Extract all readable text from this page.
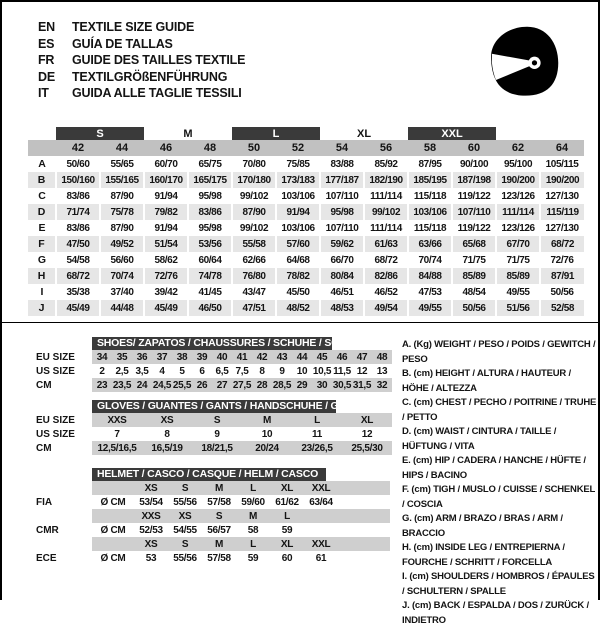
EN	TEXTILE SIZE GUIDE
ES	GUÍA DE TALLAS
FR	GUIDE DES TAILLES TEXTILE
DE	TEXTILGRÖßENFÜHRUNG
IT	GUIDA ALLE TAGLIE TESSILI
	S		M		L		XL		XXL			
	42	44	46	48	50	52	54	56	58	60	62	64
A	50/60	55/65	60/70	65/75	70/80	75/85	83/88	85/92	87/95	90/100	95/100	105/115
B	150/160	155/165	160/170	165/175	170/180	173/183	177/187	182/190	185/195	187/198	190/200	190/200
C	83/86	87/90	91/94	95/98	99/102	103/106	107/110	111/114	115/118	119/122	123/126	127/130
D	71/74	75/78	79/82	83/86	87/90	91/94	95/98	99/102	103/106	107/110	111/114	115/119
E	83/86	87/90	91/94	95/98	99/102	103/106	107/110	111/114	115/118	119/122	123/126	127/130
F	47/50	49/52	51/54	53/56	55/58	57/60	59/62	61/63	63/66	65/68	67/70	68/72
G	54/58	56/60	58/62	60/64	62/66	64/68	66/70	68/72	70/74	71/75	71/75	72/76
H	68/72	70/74	72/76	74/78	76/80	78/82	80/84	82/86	84/88	85/89	85/89	87/91
I	35/38	37/40	39/42	41/45	43/47	45/50	46/51	46/52	47/53	48/54	49/55	50/56
J	45/49	44/48	45/49	46/50	47/51	48/52	48/53	49/54	49/55	50/56	51/56	52/58

	SHOES/ ZAPATOS / CHAUSSURES / SCHUHE / SCARPE														

EU SIZE	34	35	36	37	38	39	40	41	42	43	44	45	46	47	48
US SIZE	2	2,5	3,5	4	5	6	6,5	7,5	8	9	10	10,5	11,5	12	13
CM	23	23,5	24	24,5	25,5	26	27	27,5	28	28,5	29	30	30,5	31,5	32

	GLOVES / GUANTES / GANTS / HANDSCHUHE / GUANTI					

EU SIZE	XXS	XS	S	M	L	XL
US SIZE	7	8	9	10	11	12
CM	12,5/16,5	16,5/19	18/21,5	20/24	23/26,5	25,5/30

	HELMET / CASCO / CASQUE / HELM / CASCO							

		XS	S	M	L	XL	XXL	
FIA	Ø CM	53/54	55/56	57/58	59/60	61/62	63/64	
		XXS	XS	S	M	L		
CMR	Ø CM	52/53	54/55	56/57	58	59		
		XS	S	M	L	XL	XXL	
ECE	Ø CM	53	55/56	57/58	59	60	61	
A. (Kg) WEIGHT / PESO / POIDS / GEWITCH / PESO
B. (cm) HEIGHT / ALTURA / HAUTEUR / HÖHE / ALTEZZA
C. (cm) CHEST / PECHO / POITRINE / TRUHE / PETTO
D. (cm) WAIST / CINTURA / TAILLE / HÜFTUNG / VITA
E. (cm) HIP / CADERA / HANCHE / HÜFTE / HIPS / BACINO
F. (cm) TIGH / MUSLO / CUISSE / SCHENKEL / COSCIA
G. (cm) ARM / BRAZO / BRAS / ARM / BRACCIO
H. (cm) INSIDE LEG / ENTREPIERNA / FOURCHE / SCHRITT / FORCELLA
I. (cm) SHOULDERS / HOMBROS / ÉPAULES / SCHULTERN / SPALLE
J. (cm) BACK / ESPALDA / DOS / ZURÜCK / INDIETRO
